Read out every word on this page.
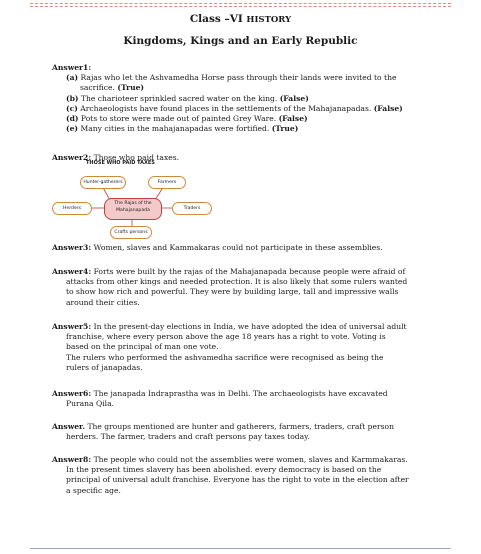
Class –VI HISTORY
Kingdoms, Kings and an Early Republic
Answer1:
(a) Rajas who let the Ashvamedha Horse pass through their lands were invited to the
sacrifice. (True)
(b) The charioteer sprinkled sacred water on the king. (False)
(c) Archaeologists have found places in the settlements of the Mahajanapadas. (False)
(d) Pots to store were made out of painted Grey Ware. (False)
(e) Many cities in the mahajanapadas were fortified. (True)
Answer2: Those who paid taxes.
THOSE WHO PAID TAXES
Hunter-gatherers	Farmers
Herders
The Rajas of the Mahajanapada	Traders
Crafts persons
Answer3: Women, slaves and Kammakaras could not participate in these assemblies.
Answer4: Forts were built by the rajas of the Mahajanapada because people were afraid of
attacks from other kings and needed protection. It is also likely that some rulers wanted
to show how rich and powerful. They were by building large, tall and impressive walls
around their cities.
Answer5: In the present-day elections in India, we have adopted the idea of universal adult
franchise, where every person above the age 18 years has a right to vote. Voting is
based on the principal of man one vote.
The rulers who performed the ashvamedha sacrifice were recognised as being the
rulers of janapadas.
Answer6: The janapada Indraprastha was in Delhi. The archaeologists have excavated
Purana Qila.
Answer. The groups mentioned are hunter and gatherers, farmers, traders, craft person
herders. The farmer, traders and craft persons pay taxes today.
Answer8: The people who could not the assemblies were women, slaves and Karmmakaras.
In the present times slavery has been abolished. every democracy is based on the
principal of universal adult franchise. Everyone has the right to vote in the election after
a specific age.
